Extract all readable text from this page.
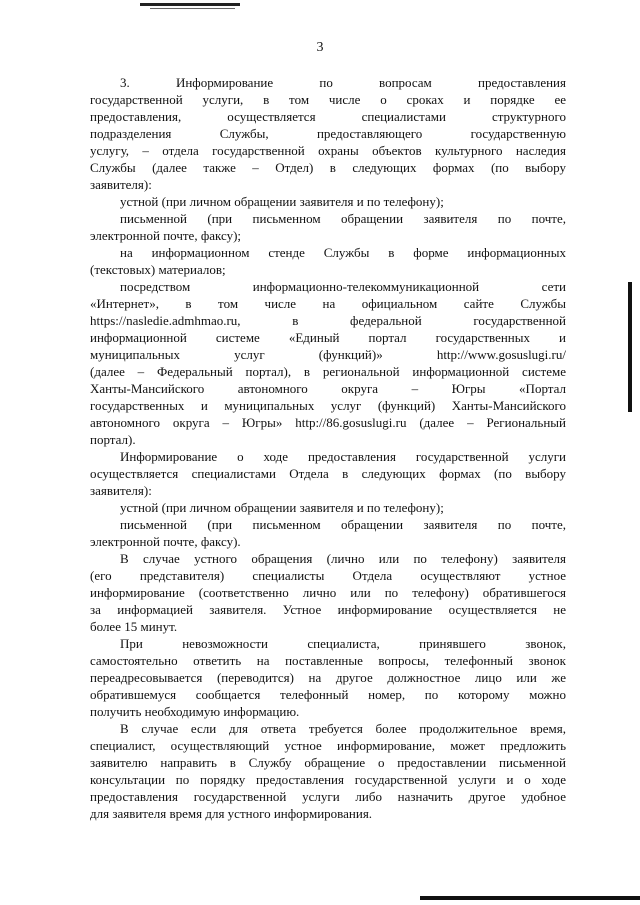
3
3. Информирование по вопросам предоставления
государственной услуги, в том числе о сроках и порядке ее
предоставления, осуществляется специалистами структурного
подразделения Службы, предоставляющего государственную
услугу, – отдела государственной охраны объектов культурного наследия
Службы (далее также – Отдел) в следующих формах (по выбору
заявителя):
устной (при личном обращении заявителя и по телефону);
письменной (при письменном обращении заявителя по почте,
электронной почте, факсу);
на информационном стенде Службы в форме информационных
(текстовых) материалов;
посредством информационно-телекоммуникационной сети
«Интернет», в том числе на официальном сайте Службы
https://nasledie.admhmao.ru, в федеральной государственной
информационной системе «Единый портал государственных и
муниципальных услуг (функций)» http://www.gosuslugi.ru/
(далее – Федеральный портал), в региональной информационной системе
Ханты-Мансийского автономного округа – Югры «Портал
государственных и муниципальных услуг (функций) Ханты-Мансийского
автономного округа – Югры» http://86.gosuslugi.ru (далее – Региональный
портал).
Информирование о ходе предоставления государственной услуги
осуществляется специалистами Отдела в следующих формах (по выбору
заявителя):
устной (при личном обращении заявителя и по телефону);
письменной (при письменном обращении заявителя по почте,
электронной почте, факсу).
В случае устного обращения (лично или по телефону) заявителя
(его представителя) специалисты Отдела осуществляют устное
информирование (соответственно лично или по телефону) обратившегося
за информацией заявителя. Устное информирование осуществляется не
более 15 минут.
При невозможности специалиста, принявшего звонок,
самостоятельно ответить на поставленные вопросы, телефонный звонок
переадресовывается (переводится) на другое должностное лицо или же
обратившемуся сообщается телефонный номер, по которому можно
получить необходимую информацию.
В случае если для ответа требуется более продолжительное время,
специалист, осуществляющий устное информирование, может предложить
заявителю направить в Службу обращение о предоставлении письменной
консультации по порядку предоставления государственной услуги и о ходе
предоставления государственной услуги либо назначить другое удобное
для заявителя время для устного информирования.
